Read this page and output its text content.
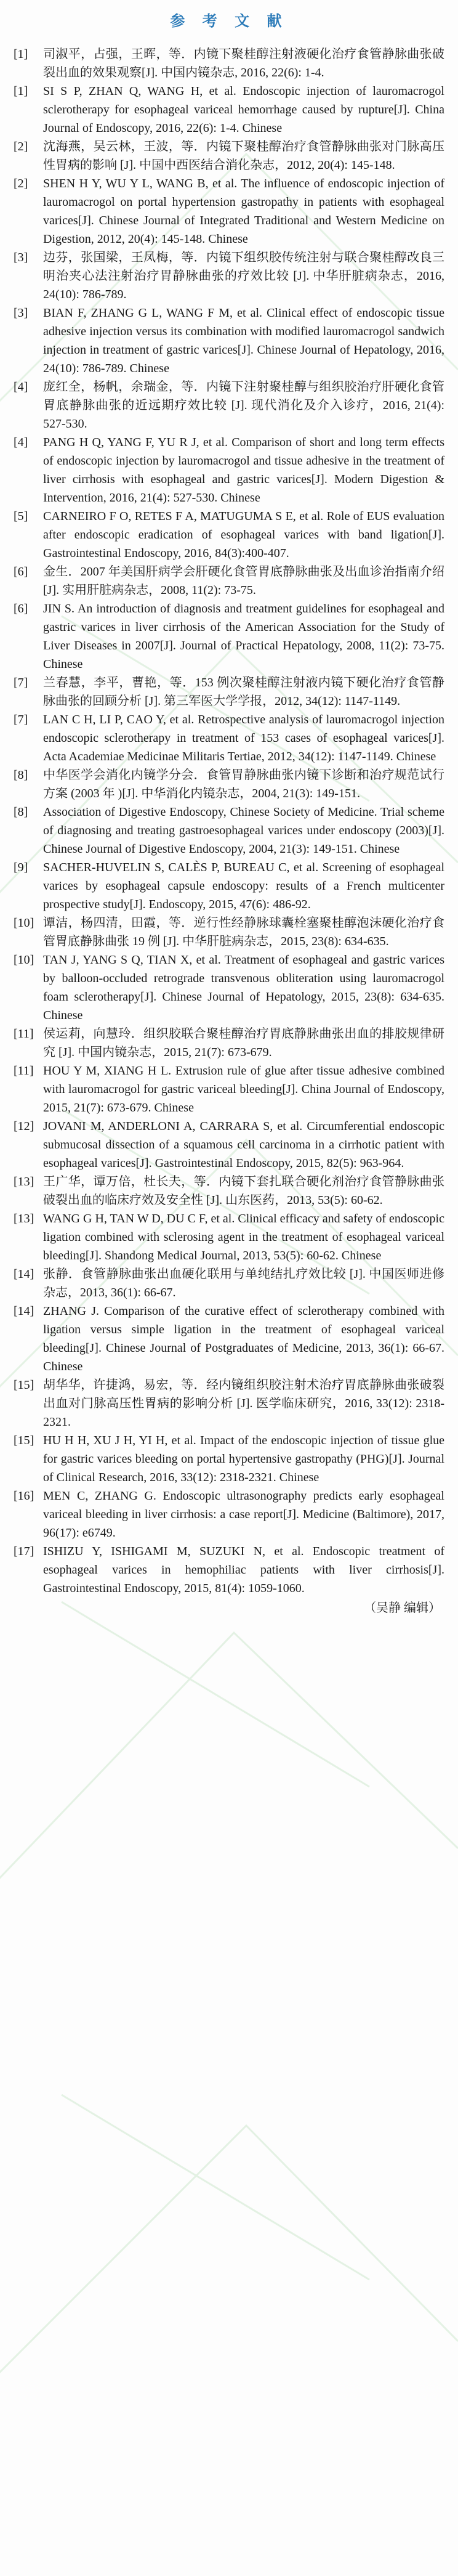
参 考 文 献
[1]	司淑平，占强，王晖，等．内镜下聚桂醇注射液硬化治疗食管静脉曲张破裂出血的效果观察[J]. 中国内镜杂志, 2016, 22(6): 1-4.
[1]	SI S P, ZHAN Q, WANG H, et al. Endoscopic injection of lauromacrogol sclerotherapy for esophageal variceal hemorrhage caused by rupture[J]. China Journal of Endoscopy, 2016, 22(6): 1-4. Chinese
[2]	沈海燕，吴云林，王波，等．内镜下聚桂醇治疗食管静脉曲张对门脉高压性胃病的影响 [J]. 中国中西医结合消化杂志，2012, 20(4): 145-148.
[2]	SHEN H Y, WU Y L, WANG B, et al. The influence of endoscopic injection of lauromacrogol on portal hypertension gastropathy in patients with esophageal varices[J]. Chinese Journal of Integrated Traditional and Western Medicine on Digestion, 2012, 20(4): 145-148. Chinese
[3]	边芬，张国梁，王凤梅，等．内镜下组织胶传统注射与联合聚桂醇改良三明治夹心法注射治疗胃静脉曲张的疗效比较 [J]. 中华肝脏病杂志，2016, 24(10): 786-789.
[3]	BIAN F, ZHANG G L, WANG F M, et al. Clinical effect of endoscopic tissue adhesive injection versus its combination with modified lauromacrogol sandwich injection in treatment of gastric varices[J]. Chinese Journal of Hepatology, 2016, 24(10): 786-789. Chinese
[4]	庞红全，杨帆，余瑞金，等．内镜下注射聚桂醇与组织胶治疗肝硬化食管胃底静脉曲张的近远期疗效比较 [J]. 现代消化及介入诊疗，2016, 21(4): 527-530.
[4]	PANG H Q, YANG F, YU R J, et al. Comparison of short and long term effects of endoscopic injection by lauromacrogol and tissue adhesive in the treatment of liver cirrhosis with esophageal and gastric varices[J]. Modern Digestion & Intervention, 2016, 21(4): 527-530. Chinese
[5]	CARNEIRO F O, RETES F A, MATUGUMA S E, et al. Role of EUS evaluation after endoscopic eradication of esophageal varices with band ligation[J]. Gastrointestinal Endoscopy, 2016, 84(3):400-407.
[6]	金生．2007 年美国肝病学会肝硬化食管胃底静脉曲张及出血诊治指南介绍 [J]. 实用肝脏病杂志，2008, 11(2): 73-75.
[6]	JIN S. An introduction of diagnosis and treatment guidelines for esophageal and gastric varices in liver cirrhosis of the American Association for the Study of Liver Diseases in 2007[J]. Journal of Practical Hepatology, 2008, 11(2): 73-75. Chinese
[7]	兰春慧，李平，曹艳，等．153 例次聚桂醇注射液内镜下硬化治疗食管静脉曲张的回顾分析 [J]. 第三军医大学学报，2012, 34(12): 1147-1149.
[7]	LAN C H, LI P, CAO Y, et al. Retrospective analysis of lauromacrogol injection endoscopic sclerotherapy in treatment of 153 cases of esophageal varices[J]. Acta Academiae Medicinae Militaris Tertiae, 2012, 34(12): 1147-1149. Chinese
[8]	中华医学会消化内镜学分会．食管胃静脉曲张内镜下诊断和治疗规范试行方案 (2003 年 )[J]. 中华消化内镜杂志，2004, 21(3): 149-151.
[8]	Association of Digestive Endoscopy, Chinese Society of Medicine. Trial scheme of diagnosing and treating gastroesophageal varices under endoscopy (2003)[J]. Chinese Journal of Digestive Endoscopy, 2004, 21(3): 149-151. Chinese
[9]	SACHER-HUVELIN S, CALÈS P, BUREAU C, et al. Screening of esophageal varices by esophageal capsule endoscopy: results of a French multicenter prospective study[J]. Endoscopy, 2015, 47(6): 486-92.
[10] 谭洁，杨四清，田霞，等．逆行性经静脉球囊栓塞聚桂醇泡沫硬化治疗食管胃底静脉曲张 19 例 [J]. 中华肝脏病杂志，2015, 23(8): 634-635.
[10] TAN J, YANG S Q, TIAN X, et al. Treatment of esophageal and gastric varices by balloon-occluded retrograde transvenous obliteration using lauromacrogol foam sclerotherapy[J]. Chinese Journal of Hepatology, 2015, 23(8): 634-635. Chinese
[11] 侯运莉，向慧玲．组织胶联合聚桂醇治疗胃底静脉曲张出血的排胶规律研究 [J]. 中国内镜杂志，2015, 21(7): 673-679.
[11] HOU Y M, XIANG H L. Extrusion rule of glue after tissue adhesive combined with lauromacrogol for gastric variceal bleeding[J]. China Journal of Endoscopy, 2015, 21(7): 673-679. Chinese
[12] JOVANI M, ANDERLONI A, CARRARA S, et al. Circumferential endoscopic submucosal dissection of a squamous cell carcinoma in a cirrhotic patient with esophageal varices[J]. Gastrointestinal Endoscopy, 2015, 82(5): 963-964.
[13] 王广华，谭万倍，杜长夫，等．内镜下套扎联合硬化剂治疗食管静脉曲张破裂出血的临床疗效及安全性 [J]. 山东医药，2013, 53(5): 60-62.
[13] WANG G H, TAN W D, DU C F, et al. Clinical efficacy and safety of endoscopic ligation combined with sclerosing agent in the treatment of esophageal variceal bleeding[J]. Shandong Medical Journal, 2013, 53(5): 60-62. Chinese
[14] 张静．食管静脉曲张出血硬化联用与单纯结扎疗效比较 [J]. 中国医师进修杂志，2013, 36(1): 66-67.
[14] ZHANG J. Comparison of the curative effect of sclerotherapy combined with ligation versus simple ligation in the treatment of esophageal variceal bleeding[J]. Chinese Journal of Postgraduates of Medicine, 2013, 36(1): 66-67. Chinese
[15] 胡华华，许捷鸿，易宏，等．经内镜组织胶注射术治疗胃底静脉曲张破裂出血对门脉高压性胃病的影响分析 [J]. 医学临床研究，2016, 33(12): 2318-2321.
[15] HU H H, XU J H, YI H, et al. Impact of the endoscopic injection of tissue glue for gastric varices bleeding on portal hypertensive gastropathy (PHG)[J]. Journal of Clinical Research, 2016, 33(12): 2318-2321. Chinese
[16] MEN C, ZHANG G. Endoscopic ultrasonography predicts early esophageal variceal bleeding in liver cirrhosis: a case report[J]. Medicine (Baltimore), 2017, 96(17): e6749.
[17] ISHIZU Y, ISHIGAMI M, SUZUKI N, et al. Endoscopic treatment of esophageal varices in hemophiliac patients with liver cirrhosis[J]. Gastrointestinal Endoscopy, 2015, 81(4): 1059-1060.
（吴静 编辑）
